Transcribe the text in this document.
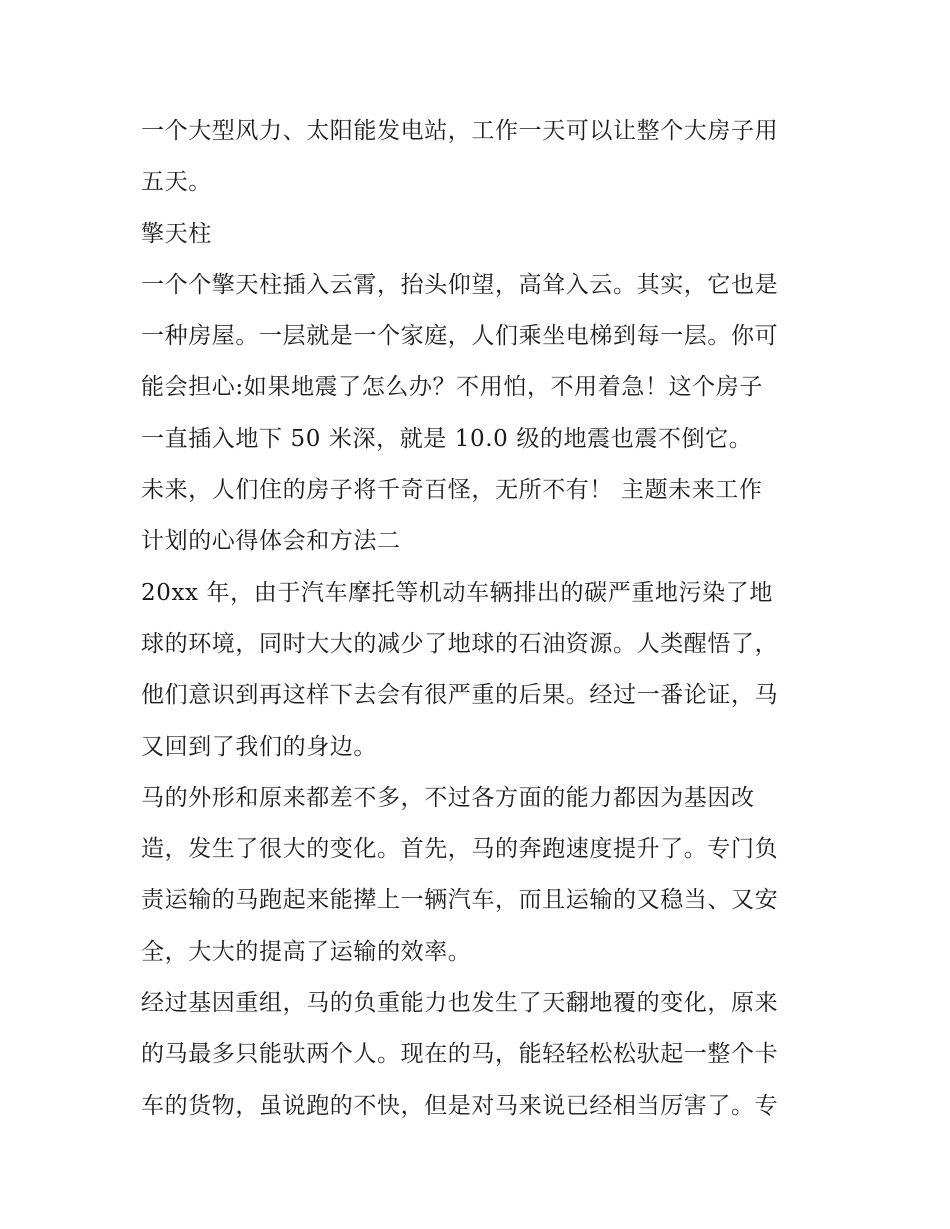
一个大型风力、太阳能发电站，工作一天可以让整个大房子用
五天。
擎天柱
一个个擎天柱插入云霄，抬头仰望，高耸入云。其实，它也是
一种房屋。一层就是一个家庭，人们乘坐电梯到每一层。你可
能会担心:如果地震了怎么办？不用怕，不用着急！这个房子
一直插入地下 50 米深，就是 10.0 级的地震也震不倒它。
未来，人们住的房子将千奇百怪，无所不有！ 主题未来工作
计划的心得体会和方法二
20xx 年，由于汽车摩托等机动车辆排出的碳严重地污染了地
球的环境，同时大大的减少了地球的石油资源。人类醒悟了，
他们意识到再这样下去会有很严重的后果。经过一番论证，马
又回到了我们的身边。
马的外形和原来都差不多，不过各方面的能力都因为基因改
造，发生了很大的变化。首先，马的奔跑速度提升了。专门负
责运输的马跑起来能撵上一辆汽车，而且运输的又稳当、又安
全，大大的提高了运输的效率。
经过基因重组，马的负重能力也发生了天翻地覆的变化，原来
的马最多只能驮两个人。现在的马，能轻轻松松驮起一整个卡
车的货物，虽说跑的不快，但是对马来说已经相当厉害了。专
